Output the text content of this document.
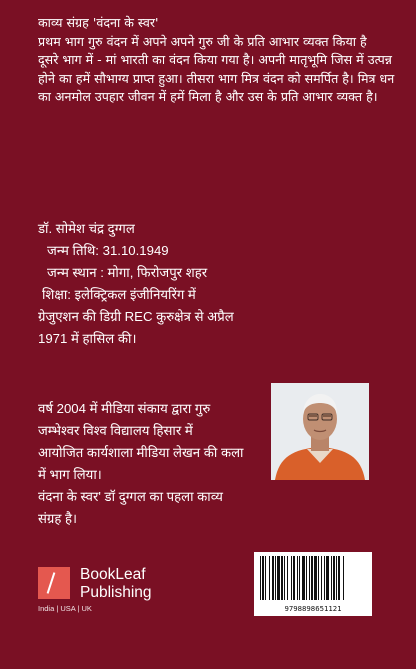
काव्य संग्रह 'वंदना के स्वर'

प्रथम भाग गुरु वंदन में अपने अपने गुरु जी के प्रति आभार व्यक्त किया है

दूसरे भाग में - मां भारती का वंदन किया गया है। अपनी मातृभूमि जिस में उत्पन्न होने का हमें सौभाग्य प्राप्त हुआ। तीसरा भाग मित्र वंदन को समर्पित है। मित्र धन का अनमोल उपहार जीवन में हमें मिला है और उस के प्रति आभार व्यक्त है।

डॉ. सोमेश चंद्र दुग्गल
जन्म तिथि: 31.10.1949
जन्म स्थान : मोगा, फिरोजपुर शहर
शिक्षा: इलेक्ट्रिकल इंजीनियरिंग में
ग्रेजुएशन की डिग्री REC कुरुक्षेत्र से अप्रैल
1971 में हासिल की।
वर्ष 2004 में मीडिया संकाय द्वारा गुरु
जम्भेश्वर विश्व विद्यालय हिसार में
आयोजित कार्यशाला मीडिया लेखन की कला
में भाग लिया।
वंदना के स्वर' डॉ दुग्गल का पहला काव्य
संग्रह है।
BookLeaf
Publishing
India | USA | UK	9798898651121
